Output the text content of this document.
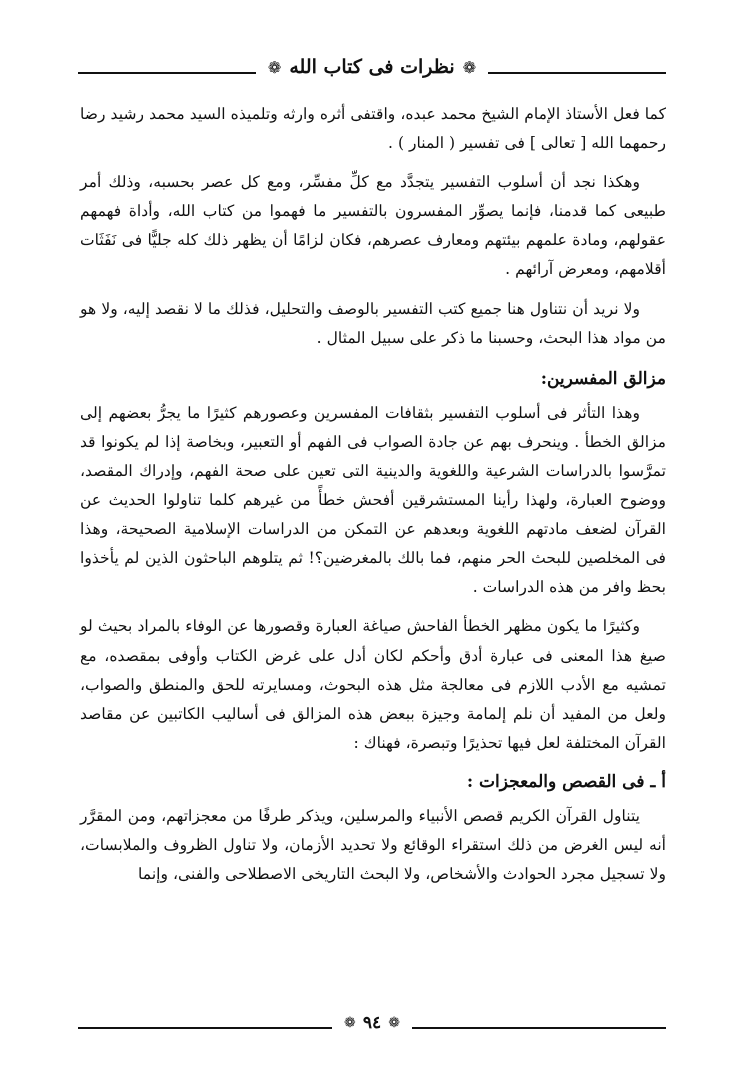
❁ نظرات فى كتاب الله ❁

كما فعل الأستاذ الإمام الشيخ محمد عبده، واقتفى أثره وارثه وتلميذه السيد محمد رشيد رضا رحمهما الله [ تعالى ] فى تفسير ( المنار ) .

وهكذا نجد أن أسلوب التفسير يتجدَّد مع كلِّ مفسِّر، ومع كل عصر بحسبه، وذلك أمر طبيعى كما قدمنا، فإنما يصوِّر المفسرون بالتفسير ما فهموا من كتاب الله، وأداة فهمهم عقولهم، ومادة علمهم بيئتهم ومعارف عصرهم، فكان لزامًا أن يظهر ذلك كله جليًّا فى نَفَثَات أقلامهم، ومعرض آرائهم .

ولا نريد أن نتناول هنا جميع كتب التفسير بالوصف والتحليل، فذلك ما لا نقصد إليه، ولا هو من مواد هذا البحث، وحسبنا ما ذكر على سبيل المثال .

مزالق المفسرين:

وهذا التأثر فى أسلوب التفسير بثقافات المفسرين وعصورهم كثيرًا ما يجرُّ بعضهم إلى مزالق الخطأ . وينحرف بهم عن جادة الصواب فى الفهم أو التعبير، وبخاصة إذا لم يكونوا قد تمرَّسوا بالدراسات الشرعية واللغوية والدينية التى تعين على صحة الفهم، وإدراك المقصد، ووضوح العبارة، ولهذا رأينا المستشرقين أفحش خطأً من غيرهم كلما تناولوا الحديث عن القرآن لضعف مادتهم اللغوية وبعدهم عن التمكن من الدراسات الإسلامية الصحيحة، وهذا فى المخلصين للبحث الحر منهم، فما بالك بالمغرضين؟! ثم يتلوهم الباحثون الذين لم يأخذوا بحظ وافر من هذه الدراسات .

وكثيرًا ما يكون مظهر الخطأ الفاحش صياغة العبارة وقصورها عن الوفاء بالمراد بحيث لو صيغ هذا المعنى فى عبارة أدق وأحكم لكان أدل على غرض الكتاب وأوفى بمقصده، مع تمشيه مع الأدب اللازم فى معالجة مثل هذه البحوث، ومسايرته للحق والمنطق والصواب، ولعل من المفيد أن نلم إلمامة وجيزة ببعض هذه المزالق فى أساليب الكاتبين عن مقاصد القرآن المختلفة لعل فيها تحذيرًا وتبصرة، فهناك :

أ ـ فى القصص والمعجزات :

يتناول القرآن الكريم قصص الأنبياء والمرسلين، ويذكر طرفًا من معجزاتهم، ومن المقرَّر أنه ليس الغرض من ذلك استقراء الوقائع ولا تحديد الأزمان، ولا تناول الظروف والملابسات، ولا تسجيل مجرد الحوادث والأشخاص، ولا البحث التاريخى الاصطلاحى والفنى، وإنما

❁ ٩٤ ❁
